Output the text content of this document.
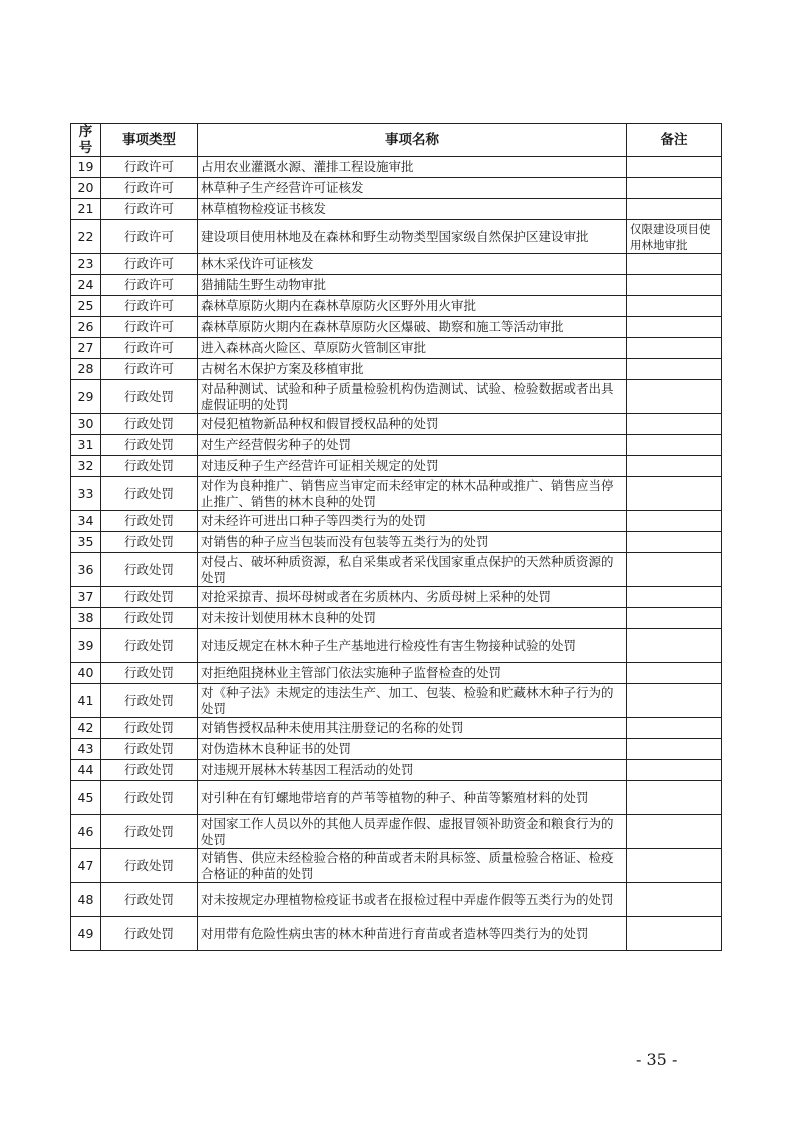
序号	事项类型	事项名称	备注
19	行政许可	占用农业灌溉水源、灌排工程设施审批	
20	行政许可	林草种子生产经营许可证核发	
21	行政许可	林草植物检疫证书核发	
22	行政许可	建设项目使用林地及在森林和野生动物类型国家级自然保护区建设审批	仅限建设项目使用林地审批
23	行政许可	林木采伐许可证核发	
24	行政许可	猎捕陆生野生动物审批	
25	行政许可	森林草原防火期内在森林草原防火区野外用火审批	
26	行政许可	森林草原防火期内在森林草原防火区爆破、勘察和施工等活动审批	
27	行政许可	进入森林高火险区、草原防火管制区审批	
28	行政许可	古树名木保护方案及移植审批	
29	行政处罚	对品种测试、试验和种子质量检验机构伪造测试、试验、检验数据或者出具虚假证明的处罚	
30	行政处罚	对侵犯植物新品种权和假冒授权品种的处罚	
31	行政处罚	对生产经营假劣种子的处罚	
32	行政处罚	对违反种子生产经营许可证相关规定的处罚	
33	行政处罚	对作为良种推广、销售应当审定而未经审定的林木品种或推广、销售应当停止推广、销售的林木良种的处罚	
34	行政处罚	对未经许可进出口种子等四类行为的处罚	
35	行政处罚	对销售的种子应当包装而没有包装等五类行为的处罚	
36	行政处罚	对侵占、破坏种质资源，私自采集或者采伐国家重点保护的天然种质资源的处罚	
37	行政处罚	对抢采掠青、损坏母树或者在劣质林内、劣质母树上采种的处罚	
38	行政处罚	对未按计划使用林木良种的处罚	
39	行政处罚	对违反规定在林木种子生产基地进行检疫性有害生物接种试验的处罚	
40	行政处罚	对拒绝阻挠林业主管部门依法实施种子监督检查的处罚	
41	行政处罚	对《种子法》未规定的违法生产、加工、包装、检验和贮藏林木种子行为的处罚	
42	行政处罚	对销售授权品种未使用其注册登记的名称的处罚	
43	行政处罚	对伪造林木良种证书的处罚	
44	行政处罚	对违规开展林木转基因工程活动的处罚	
45	行政处罚	对引种在有钉螺地带培育的芦苇等植物的种子、种苗等繁殖材料的处罚	
46	行政处罚	对国家工作人员以外的其他人员弄虚作假、虚报冒领补助资金和粮食行为的处罚	
47	行政处罚	对销售、供应未经检验合格的种苗或者未附具标签、质量检验合格证、检疫合格证的种苗的处罚	
48	行政处罚	对未按规定办理植物检疫证书或者在报检过程中弄虚作假等五类行为的处罚	
49	行政处罚	对用带有危险性病虫害的林木种苗进行育苗或者造林等四类行为的处罚	
- 35 -
